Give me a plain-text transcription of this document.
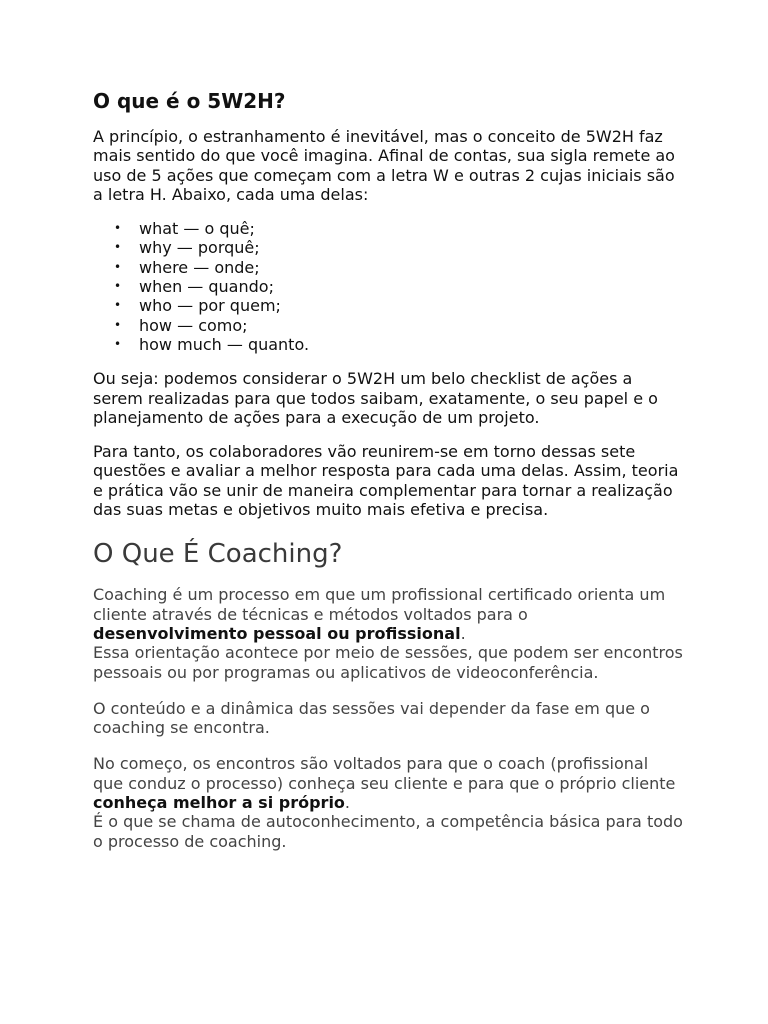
O que é o 5W2H?

A princípio, o estranhamento é inevitável, mas o conceito de 5W2H faz mais sentido do que você imagina. Afinal de contas, sua sigla remete ao uso de 5 ações que começam com a letra W e outras 2 cujas iniciais são a letra H. Abaixo, cada uma delas:

• what — o quê;
• why — porquê;
• where — onde;
• when — quando;
• who — por quem;
• how — como;
• how much — quanto.

Ou seja: podemos considerar o 5W2H um belo checklist de ações a serem realizadas para que todos saibam, exatamente, o seu papel e o planejamento de ações para a execução de um projeto.

Para tanto, os colaboradores vão reunirem-se em torno dessas sete questões e avaliar a melhor resposta para cada uma delas. Assim, teoria e prática vão se unir de maneira complementar para tornar a realização das suas metas e objetivos muito mais efetiva e precisa.

O Que É Coaching?

Coaching é um processo em que um profissional certificado orienta um cliente através de técnicas e métodos voltados para o desenvolvimento pessoal ou profissional.
Essa orientação acontece por meio de sessões, que podem ser encontros pessoais ou por programas ou aplicativos de videoconferência.

O conteúdo e a dinâmica das sessões vai depender da fase em que o coaching se encontra.

No começo, os encontros são voltados para que o coach (profissional que conduz o processo) conheça seu cliente e para que o próprio cliente conheça melhor a si próprio.
É o que se chama de autoconhecimento, a competência básica para todo o processo de coaching.
